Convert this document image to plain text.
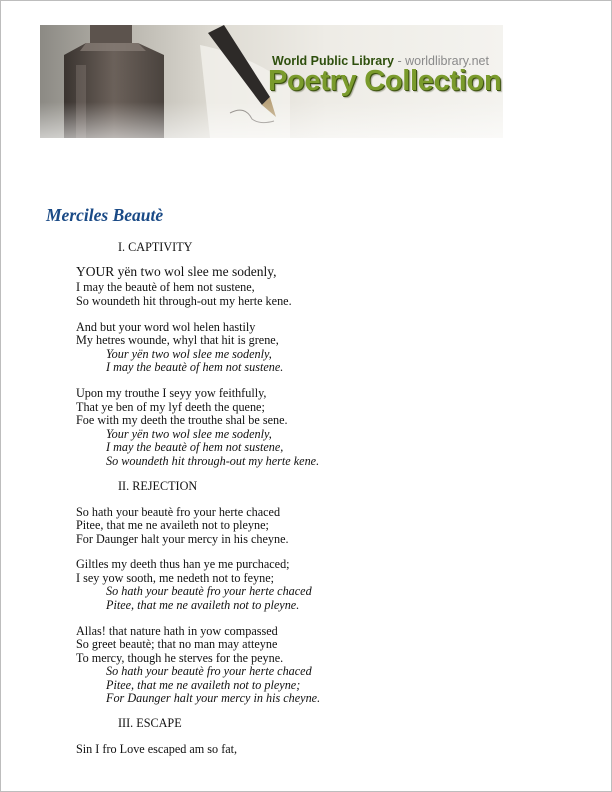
World Public Library - worldlibrary.net
Poetry Collection
Merciles Beautè
I. CAPTIVITY
YOUR yën two wol slee me sodenly,
I may the beautè of hem not sustene,
So woundeth hit through-out my herte kene.
And but your word wol helen hastily
My hetres wounde, whyl that hit is grene,
Your yën two wol slee me sodenly,
I may the beautè of hem not sustene.
Upon my trouthe I seyy yow feithfully,
That ye ben of my lyf deeth the quene;
Foe with my deeth the trouthe shal be sene.
Your yën two wol slee me sodenly,
I may the beautè of hem not sustene,
So woundeth hit through-out my herte kene.
II. REJECTION
So hath your beautè fro your herte chaced
Pitee, that me ne availeth not to pleyne;
For Daunger halt your mercy in his cheyne.
Giltles my deeth thus han ye me purchaced;
I sey yow sooth, me nedeth not to feyne;
So hath your beautè fro your herte chaced
Pitee, that me ne availeth not to pleyne.
Allas! that nature hath in yow compassed
So greet beautè; that no man may atteyne
To mercy, though he sterves for the peyne.
So hath your beautè fro your herte chaced
Pitee, that me ne availeth not to pleyne;
For Daunger halt your mercy in his cheyne.
III. ESCAPE
Sin I fro Love escaped am so fat,
